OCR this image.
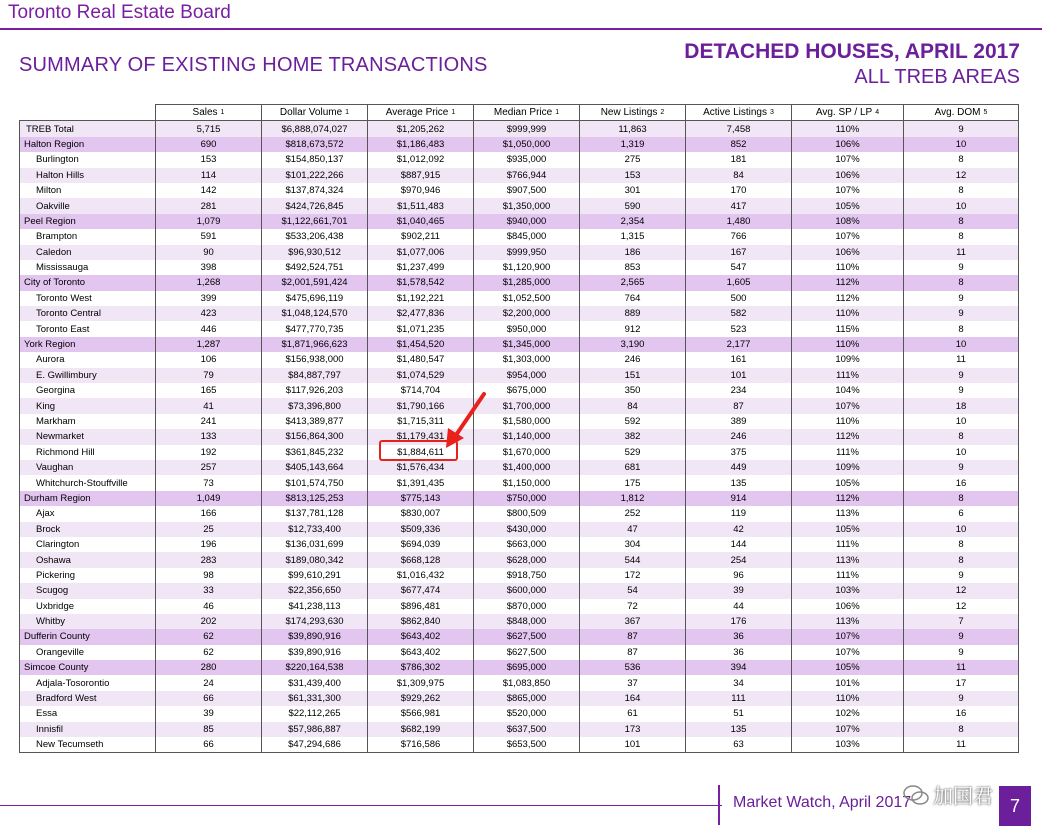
Toronto Real Estate Board
SUMMARY OF EXISTING HOME TRANSACTIONS
DETACHED HOUSES, APRIL 2017
ALL TREB AREAS
	Sales $^1$	Dollar Volume $^1$	Average Price $^1$	Median Price $^1$	New Listings $^2$	Active Listings $^3$	Avg. SP / LP $^4$	Avg. DOM $^5$
TREB Total	5,715	$6,888,074,027	$1,205,262	$999,999	11,863	7,458	110%	9
Halton Region	690	$818,673,572	$1,186,483	$1,050,000	1,319	852	106%	10
Burlington	153	$154,850,137	$1,012,092	$935,000	275	181	107%	8
Halton Hills	114	$101,222,266	$887,915	$766,944	153	84	106%	12
Milton	142	$137,874,324	$970,946	$907,500	301	170	107%	8
Oakville	281	$424,726,845	$1,511,483	$1,350,000	590	417	105%	10
Peel Region	1,079	$1,122,661,701	$1,040,465	$940,000	2,354	1,480	108%	8
Brampton	591	$533,206,438	$902,211	$845,000	1,315	766	107%	8
Caledon	90	$96,930,512	$1,077,006	$999,950	186	167	106%	11
Mississauga	398	$492,524,751	$1,237,499	$1,120,900	853	547	110%	9
City of Toronto	1,268	$2,001,591,424	$1,578,542	$1,285,000	2,565	1,605	112%	8
Toronto West	399	$475,696,119	$1,192,221	$1,052,500	764	500	112%	9
Toronto Central	423	$1,048,124,570	$2,477,836	$2,200,000	889	582	110%	9
Toronto East	446	$477,770,735	$1,071,235	$950,000	912	523	115%	8
York Region	1,287	$1,871,966,623	$1,454,520	$1,345,000	3,190	2,177	110%	10
Aurora	106	$156,938,000	$1,480,547	$1,303,000	246	161	109%	11
E. Gwillimbury	79	$84,887,797	$1,074,529	$954,000	151	101	111%	9
Georgina	165	$117,926,203	$714,704	$675,000	350	234	104%	9
King	41	$73,396,800	$1,790,166	$1,700,000	84	87	107%	18
Markham	241	$413,389,877	$1,715,311	$1,580,000	592	389	110%	10
Newmarket	133	$156,864,300	$1,179,431	$1,140,000	382	246	112%	8
Richmond Hill	192	$361,845,232	$1,884,611	$1,670,000	529	375	111%	10
Vaughan	257	$405,143,664	$1,576,434	$1,400,000	681	449	109%	9
Whitchurch-Stouffville	73	$101,574,750	$1,391,435	$1,150,000	175	135	105%	16
Durham Region	1,049	$813,125,253	$775,143	$750,000	1,812	914	112%	8
Ajax	166	$137,781,128	$830,007	$800,509	252	119	113%	6
Brock	25	$12,733,400	$509,336	$430,000	47	42	105%	10
Clarington	196	$136,031,699	$694,039	$663,000	304	144	111%	8
Oshawa	283	$189,080,342	$668,128	$628,000	544	254	113%	8
Pickering	98	$99,610,291	$1,016,432	$918,750	172	96	111%	9
Scugog	33	$22,356,650	$677,474	$600,000	54	39	103%	12
Uxbridge	46	$41,238,113	$896,481	$870,000	72	44	106%	12
Whitby	202	$174,293,630	$862,840	$848,000	367	176	113%	7
Dufferin County	62	$39,890,916	$643,402	$627,500	87	36	107%	9
Orangeville	62	$39,890,916	$643,402	$627,500	87	36	107%	9
Simcoe County	280	$220,164,538	$786,302	$695,000	536	394	105%	11
Adjala-Tosorontio	24	$31,439,400	$1,309,975	$1,083,850	37	34	101%	17
Bradford West	66	$61,331,300	$929,262	$865,000	164	111	110%	9
Essa	39	$22,112,265	$566,981	$520,000	61	51	102%	16
Innisfil	85	$57,986,887	$682,199	$637,500	173	135	107%	8
New Tecumseth	66	$47,294,686	$716,586	$653,500	101	63	103%	11
Market Watch, April 2017 加国君 7
